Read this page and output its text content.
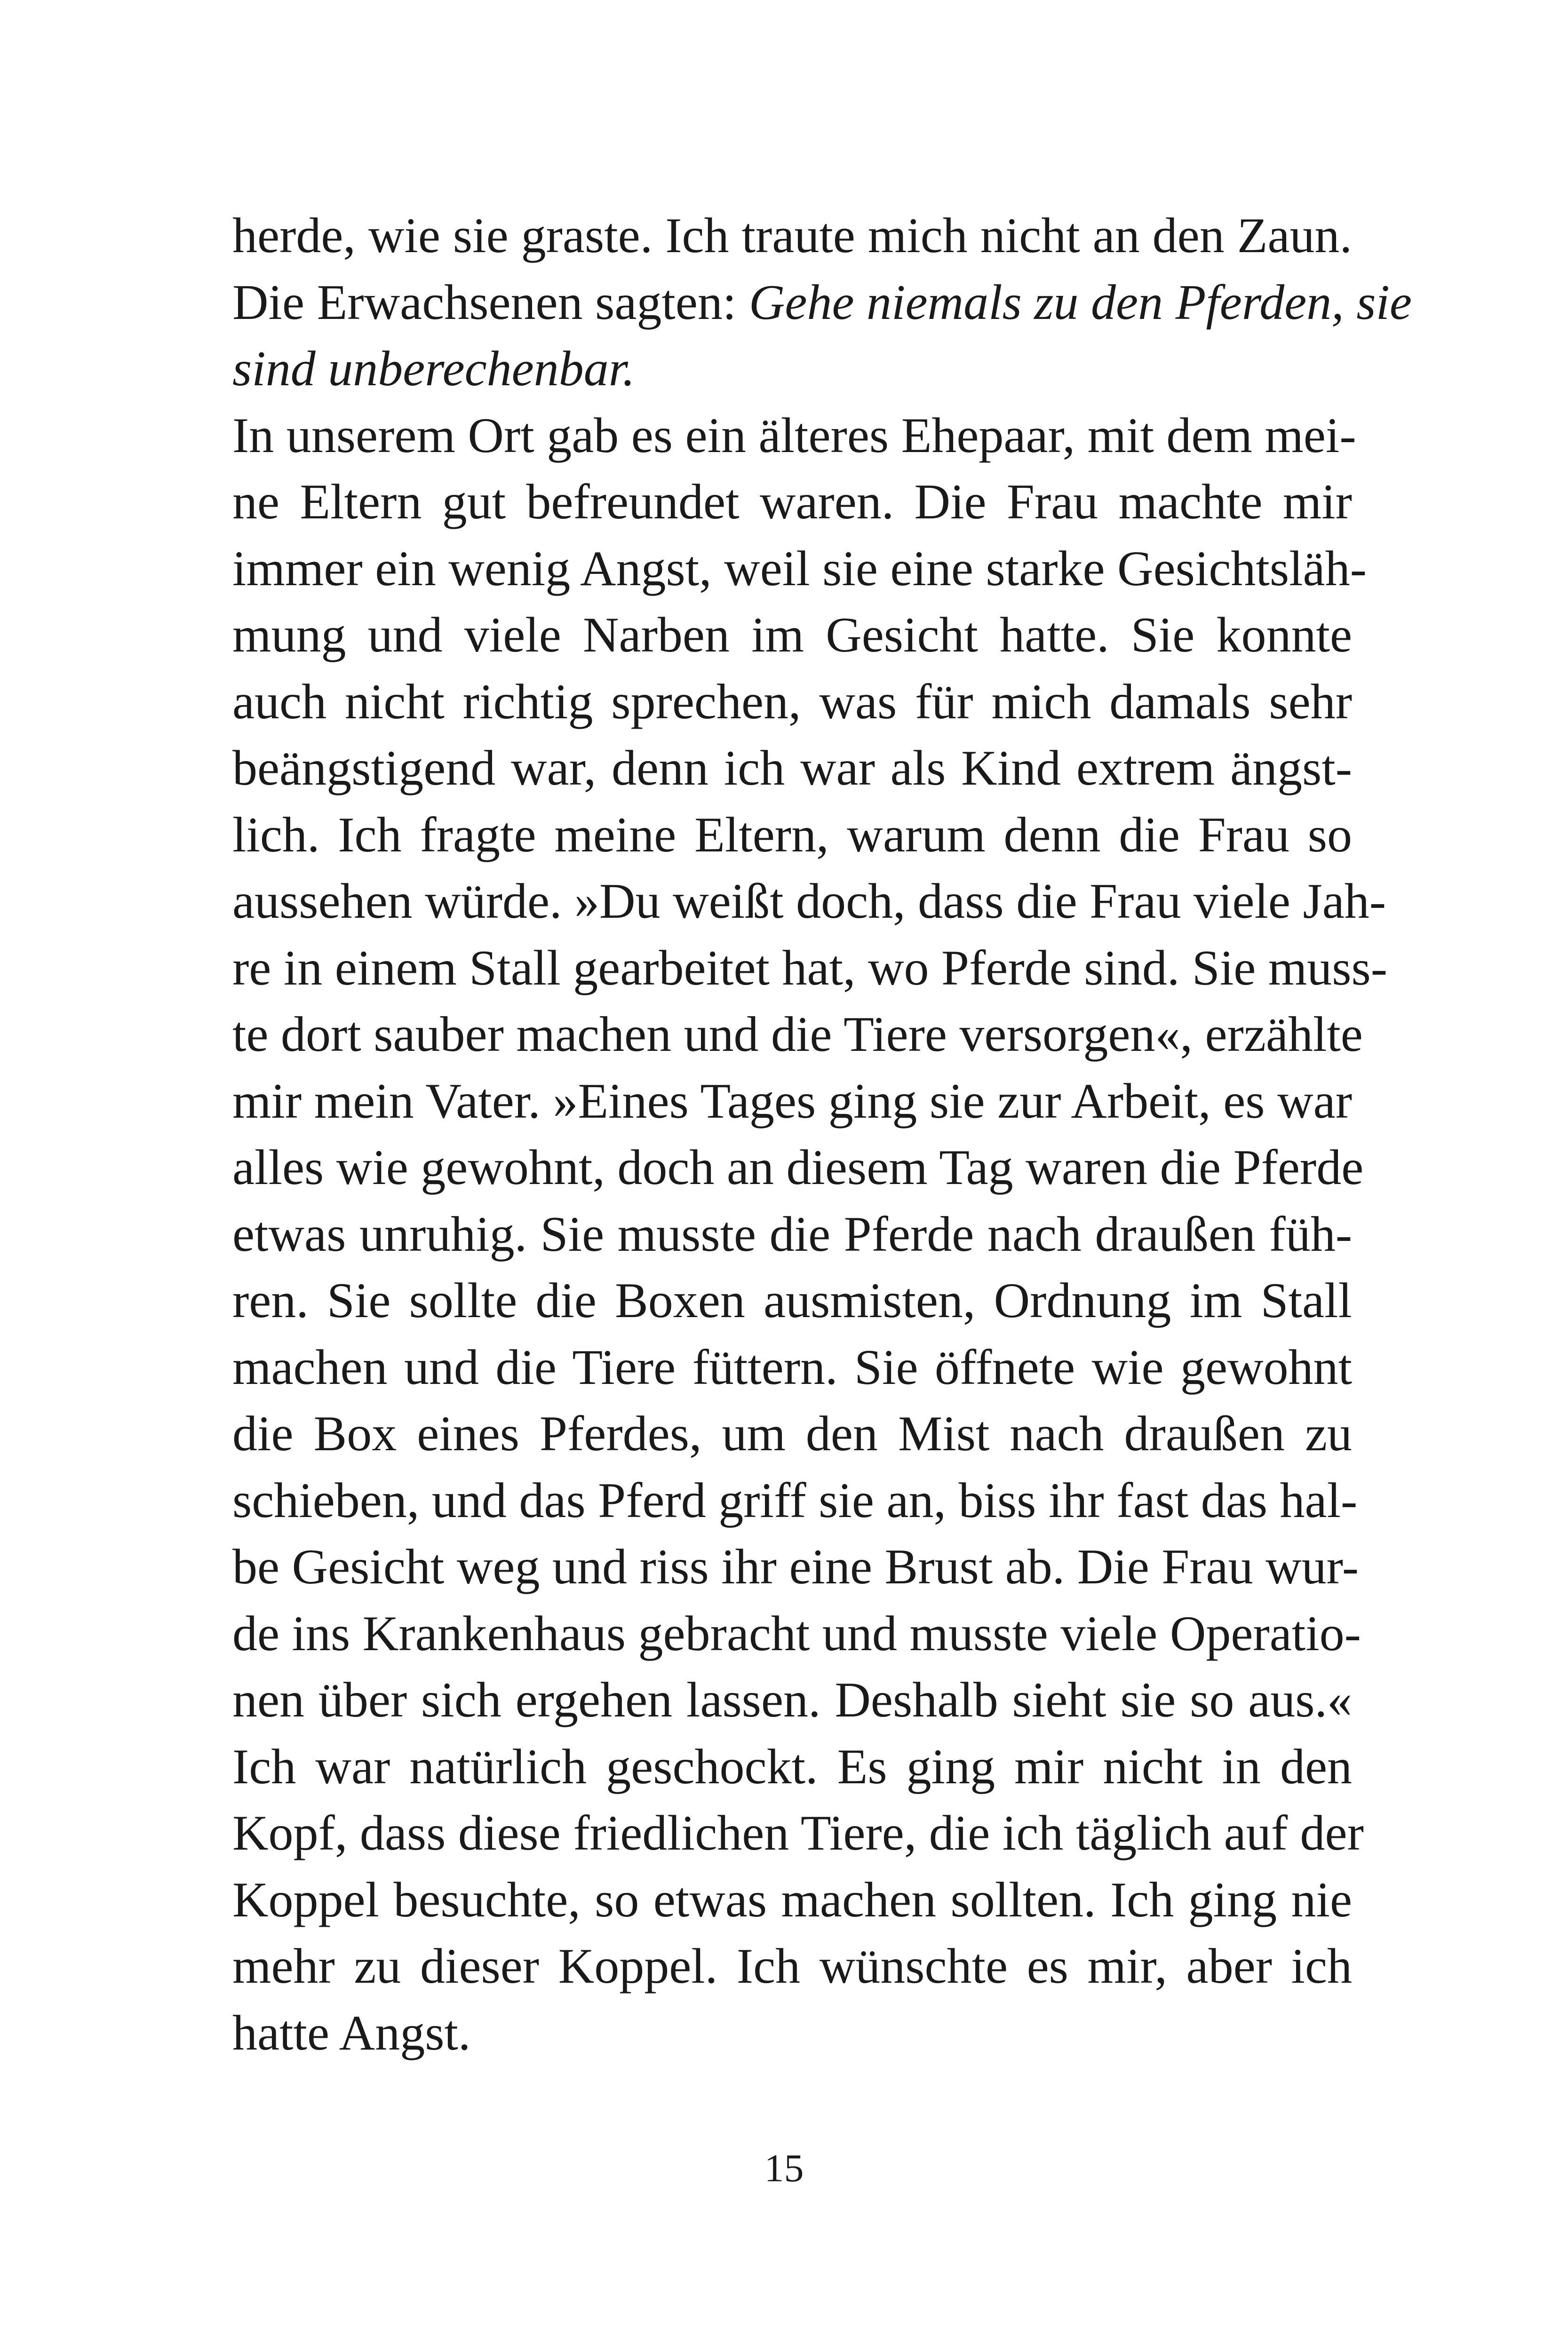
herde, wie sie graste. Ich traute mich nicht an den Zaun.
Die Erwachsenen sagten: Gehe niemals zu den Pferden, sie
sind unberechenbar.
In unserem Ort gab es ein älteres Ehepaar, mit dem mei-
ne Eltern gut befreundet waren. Die Frau machte mir
immer ein wenig Angst, weil sie eine starke Gesichtsläh-
mung und viele Narben im Gesicht hatte. Sie konnte
auch nicht richtig sprechen, was für mich damals sehr
beängstigend war, denn ich war als Kind extrem ängst-
lich. Ich fragte meine Eltern, warum denn die Frau so
aussehen würde. »Du weißt doch, dass die Frau viele Jah-
re in einem Stall gearbeitet hat, wo Pferde sind. Sie muss-
te dort sauber machen und die Tiere versorgen«, erzählte
mir mein Vater. »Eines Tages ging sie zur Arbeit, es war
alles wie gewohnt, doch an diesem Tag waren die Pferde
etwas unruhig. Sie musste die Pferde nach draußen füh-
ren. Sie sollte die Boxen ausmisten, Ordnung im Stall
machen und die Tiere füttern. Sie öffnete wie gewohnt
die Box eines Pferdes, um den Mist nach draußen zu
schieben, und das Pferd griff sie an, biss ihr fast das hal-
be Gesicht weg und riss ihr eine Brust ab. Die Frau wur-
de ins Krankenhaus gebracht und musste viele Operatio-
nen über sich ergehen lassen. Deshalb sieht sie so aus.«
Ich war natürlich geschockt. Es ging mir nicht in den
Kopf, dass diese friedlichen Tiere, die ich täglich auf der
Koppel besuchte, so etwas machen sollten. Ich ging nie
mehr zu dieser Koppel. Ich wünschte es mir, aber ich
hatte Angst.
15
